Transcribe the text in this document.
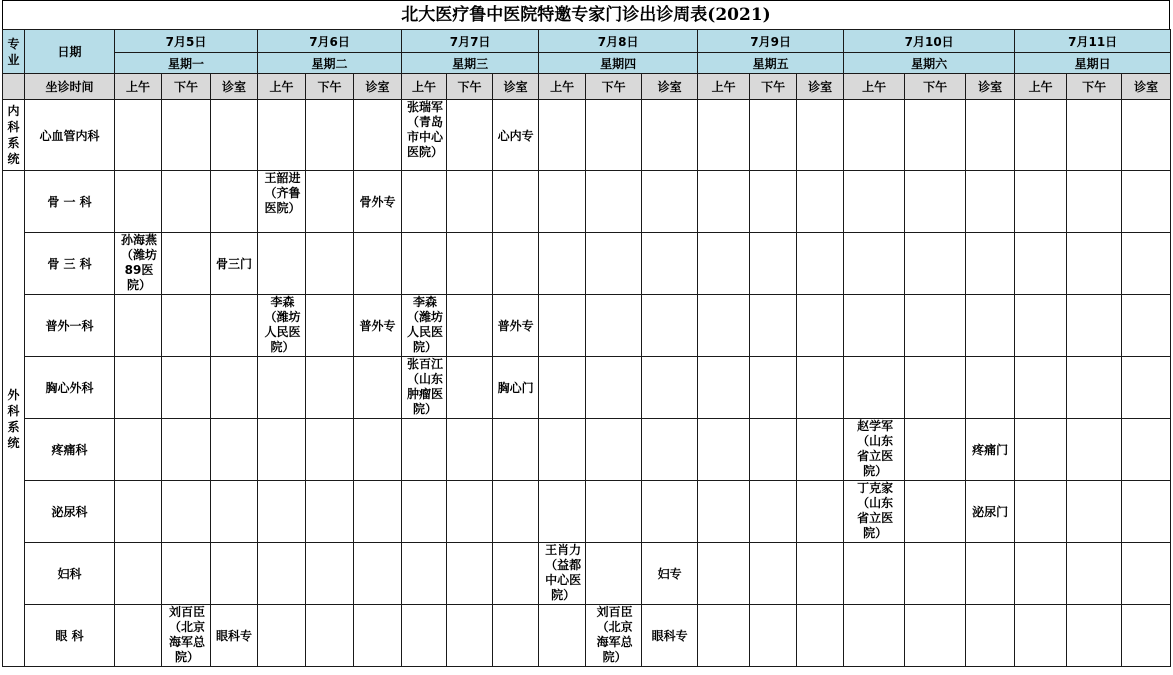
北大医疗鲁中医院特邀专家门诊出诊周表(2021)
专业	日期	7月5日			7月6日			7月7日			7月8日			7月9日			7月10日			7月11日		
		星期一			星期二			星期三			星期四			星期五			星期六			星期日		
	坐诊时间	上午	下午	诊室	上午	下午	诊室	上午	下午	诊室	上午	下午	诊室	上午	下午	诊室	上午	下午	诊室	上午	下午	诊室
内科系统	心血管内科							张瑞军
（青岛
市中心
医院）		心内专												
外科系统	骨 一 科				王韶进
（齐鲁
医院）		骨外专															
	骨 三 科	孙海燕
（潍坊
89医
院）		骨三门																		
	普外一科				李森
（潍坊
人民医
院）		普外专	李森
（潍坊
人民医
院）		普外专												
	胸心外科							张百江
（山东
肿瘤医
院）		胸心门												
	疼痛科																赵学军
（山东
省立医
院）		疼痛门			
	泌尿科																丁克家
（山东
省立医
院）		泌尿门			
	妇科										王肖力
（益都
中心医
院）		妇专									
	眼 科		刘百臣
（北京
海军总
院）	眼科专								刘百臣
（北京
海军总
院）	眼科专									
